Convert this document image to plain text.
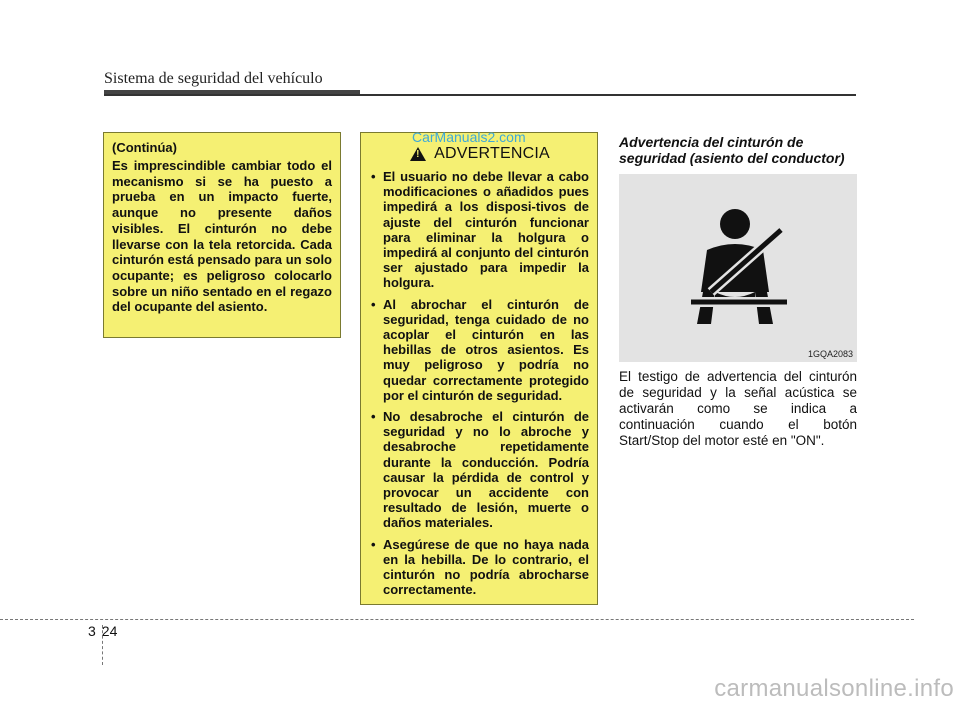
Sistema de seguridad del vehículo
(Continúa)
Es imprescindible cambiar todo el mecanismo si se ha puesto a prueba en un impacto fuerte, aunque no presente daños visibles. El cinturón no debe llevarse con la tela retorcida. Cada cinturón está pensado para un solo ocupante; es peligroso colocarlo sobre un niño sentado en el regazo del ocupante del asiento.
!
ADVERTENCIA
• El usuario no debe llevar a cabo modificaciones o añadidos pues impedirá a los disposi-tivos de ajuste del cinturón funcionar para eliminar la holgura o impedirá al conjunto del cinturón ser ajustado para impedir la holgura.
• Al abrochar el cinturón de seguridad, tenga cuidado de no acoplar el cinturón en las hebillas de otros asientos. Es muy peligroso y podría no quedar correctamente protegido por el cinturón de seguridad.
• No desabroche el cinturón de seguridad y no lo abroche y desabroche repetidamente durante la conducción. Podría causar la pérdida de control y provocar un accidente con resultado de lesión, muerte o daños materiales.
• Asegúrese de que no haya nada en la hebilla. De lo contrario, el cinturón no podría abrocharse correctamente.
CarManuals2.com	Advertencia del cinturón de seguridad (asiento del conductor)
1GQA2083
El testigo de advertencia del cinturón de seguridad y la señal acústica se activarán como se indica a continuación cuando el botón Start/Stop del motor esté en "ON".
3 24
carmanualsonline.info
